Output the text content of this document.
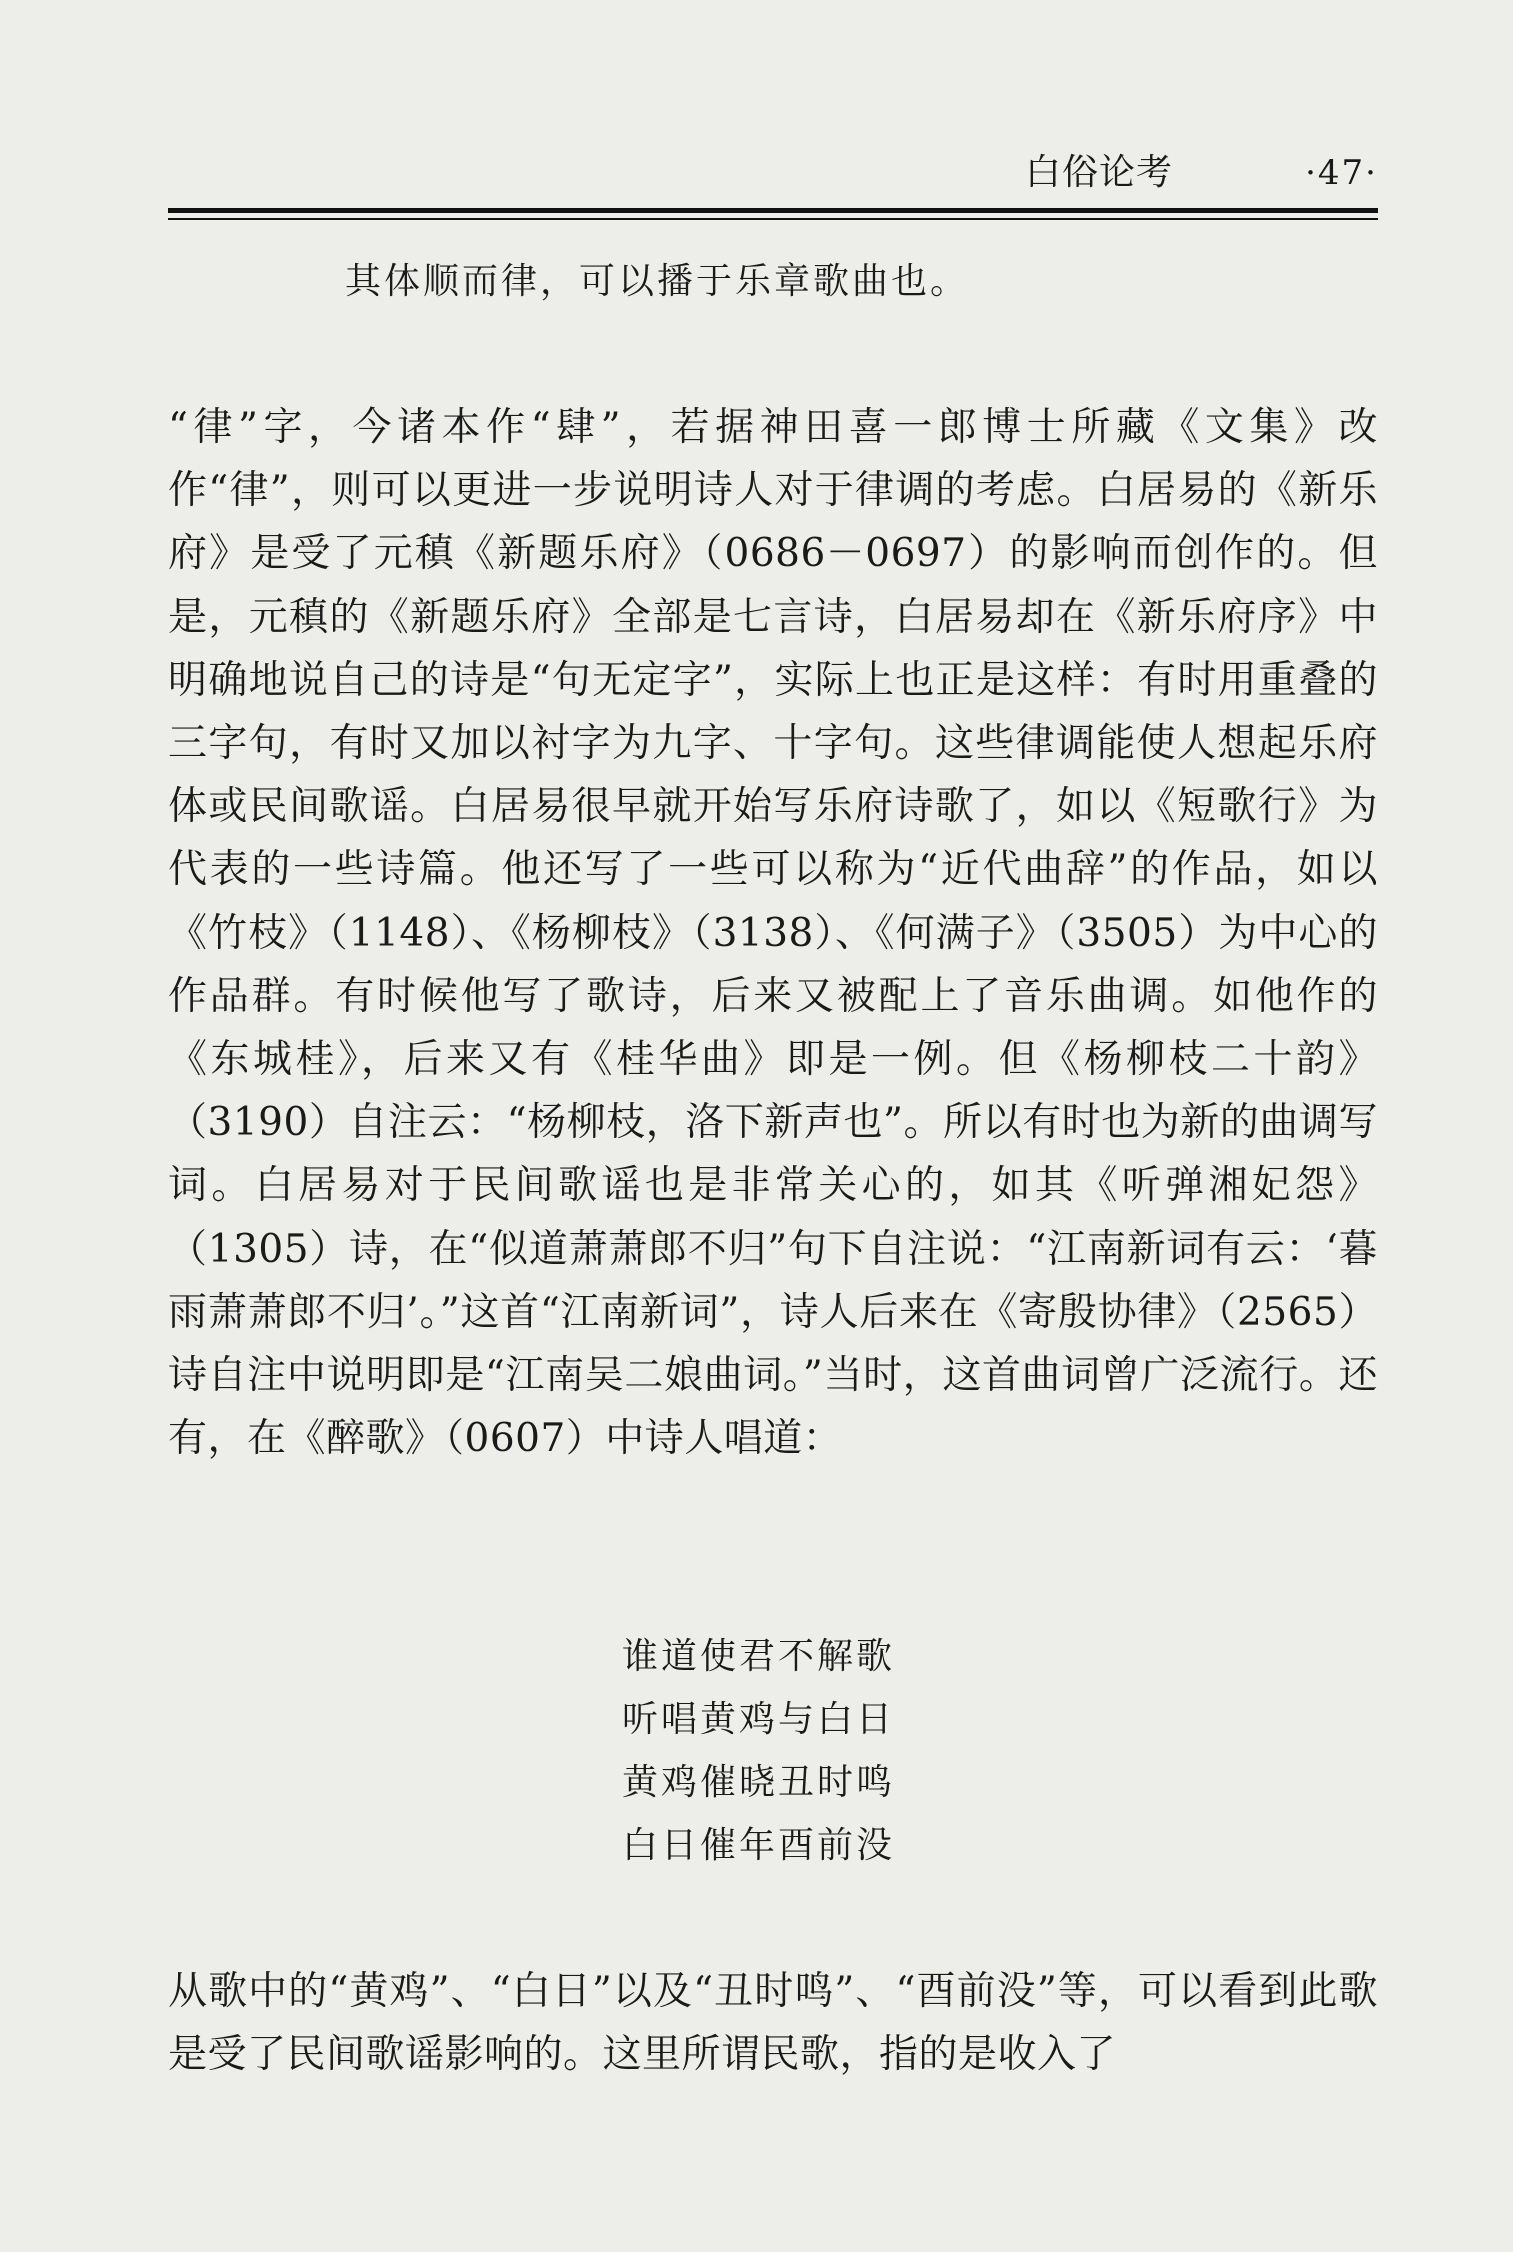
白俗论考	·47·
其体顺而律，可以播于乐章歌曲也。
“律”字，今诸本作“肆”，若据神田喜一郎博士所藏《文集》改作“律”，则可以更进一步说明诗人对于律调的考虑。白居易的《新乐府》是受了元稹《新题乐府》（0686－0697）的影响而创作的。但是，元稹的《新题乐府》全部是七言诗，白居易却在《新乐府序》中明确地说自己的诗是“句无定字”，实际上也正是这样：有时用重叠的三字句，有时又加以衬字为九字、十字句。这些律调能使人想起乐府体或民间歌谣。白居易很早就开始写乐府诗歌了，如以《短歌行》为代表的一些诗篇。他还写了一些可以称为“近代曲辞”的作品，如以《竹枝》（1148）、《杨柳枝》（3138）、《何满子》（3505）为中心的作品群。有时候他写了歌诗，后来又被配上了音乐曲调。如他作的《东城桂》，后来又有《桂华曲》即是一例。但《杨柳枝二十韵》（3190）自注云：“杨柳枝，洛下新声也”。所以有时也为新的曲调写词。白居易对于民间歌谣也是非常关心的，如其《听弹湘妃怨》（1305）诗，在“似道萧萧郎不归”句下自注说：“江南新词有云：‘暮雨萧萧郎不归’。”这首“江南新词”，诗人后来在《寄殷协律》（2565）诗自注中说明即是“江南吴二娘曲词。”当时，这首曲词曾广泛流行。还有，在《醉歌》（0607）中诗人唱道：
谁道使君不解歌
听唱黄鸡与白日
黄鸡催晓丑时鸣
白日催年酉前没
从歌中的“黄鸡”、“白日”以及“丑时鸣”、“酉前没”等，可以看到此歌是受了民间歌谣影响的。这里所谓民歌，指的是收入了
